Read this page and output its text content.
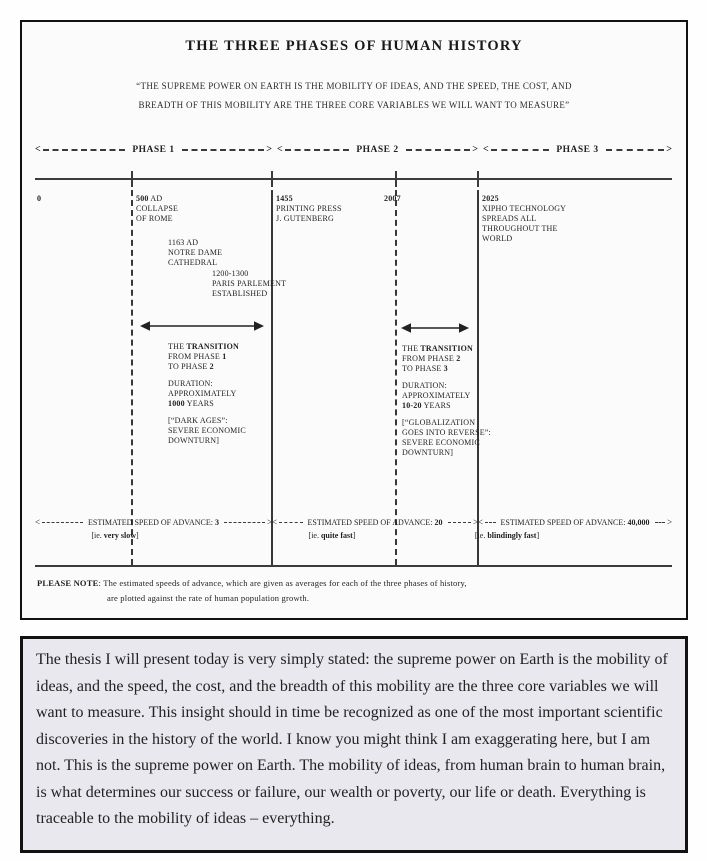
THE THREE PHASES OF HUMAN HISTORY
“THE SUPREME POWER ON EARTH IS THE MOBILITY OF IDEAS, AND THE SPEED, THE COST, AND
BREADTH OF THIS MOBILITY ARE THE THREE CORE VARIABLES WE WILL WANT TO MEASURE”
<	PHASE 1	> <	PHASE 2	> <	PHASE 3	>
0	500 AD
COLLAPSE
OF ROME
1455
PRINTING PRESS
J. GUTENBERG
2007	2025
XIPHO TECHNOLOGY
SPREADS ALL
THROUGHOUT THE
WORLD
1163 AD
NOTRE DAME
CATHEDRAL
1200-1300
PARIS PARLEMENT
ESTABLISHED
THE TRANSITION
FROM PHASE 1
TO PHASE 2
DURATION:
APPROXIMATELY
1000 YEARS
[“DARK AGES”:
SEVERE ECONOMIC
DOWNTURN]
THE TRANSITION
FROM PHASE 2
TO PHASE 3
DURATION:
APPROXIMATELY
10-20 YEARS
[“GLOBALIZATION
GOES INTO REVERSE”:
SEVERE ECONOMIC
DOWNTURN]
<	ESTIMATED SPEED OF ADVANCE: 3	> <	ESTIMATED SPEED OF ADVANCE: 20	> <	ESTIMATED SPEED OF ADVANCE: 40,000	>
[ie. very slow]	[ie. quite fast]	[ie. blindingly fast]
PLEASE NOTE: The estimated speeds of advance, which are given as averages for each of the three phases of history,
are plotted against the rate of human population growth.

The thesis I will present today is very simply stated: the supreme power on Earth is the mobility of ideas, and the speed, the cost, and the breadth of this mobility are the three core variables we will want to measure. This insight should in time be recognized as one of the most important scientific discoveries in the history of the world. I know you might think I am exaggerating here, but I am not. This is the supreme power on Earth. The mobility of ideas, from human brain to human brain, is what determines our success or failure, our wealth or poverty, our life or death. Everything is traceable to the mobility of ideas – everything.
